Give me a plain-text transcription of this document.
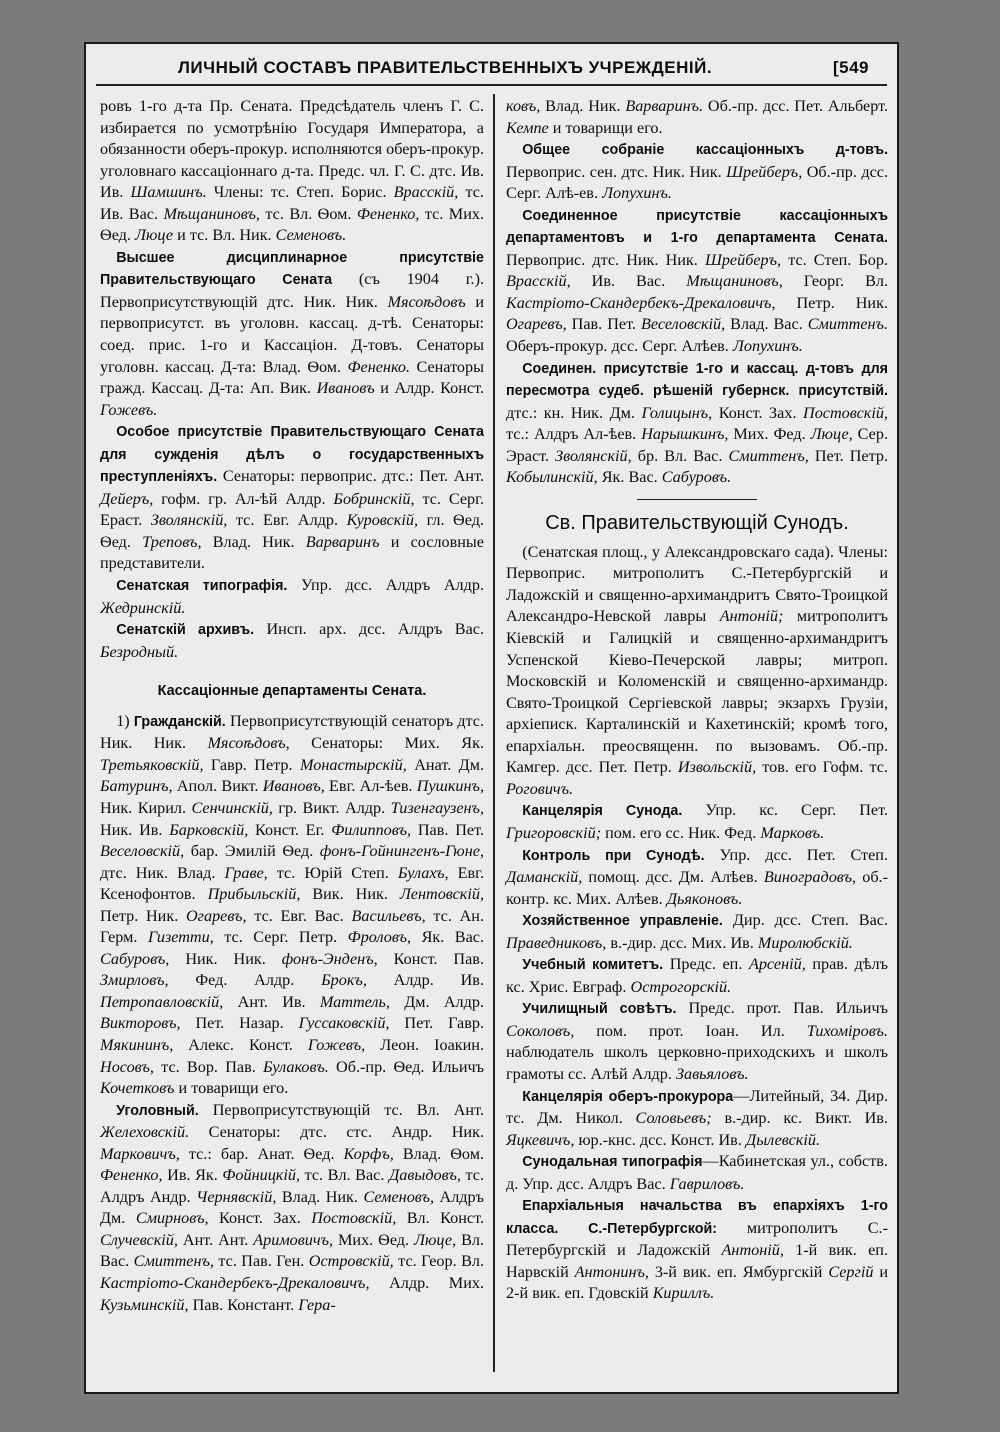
ЛИЧНЫЙ СОСТАВЪ ПРАВИТЕЛЬСТВЕННЫХЪ УЧРЕЖДЕНІЙ.	[549

ровъ 1-го д-та Пр. Сената. Предсѣдатель членъ Г. С. избирается по усмотрѣнію Государя Императора, а обязанности оберъ-прокур. исполняются оберъ-прокур. уголовнаго кассаціоннаго д-та. Предс. чл. Г. С. дтс. Ив. Ив. Шамшинъ. Члены: тс. Степ. Борис. Врасскій, тс. Ив. Вас. Мѣщаниновъ, тс. Вл. Ѳом. Фененко, тс. Мих. Ѳед. Люце и тс. Вл. Ник. Семеновъ.

Высшее дисциплинарное присутствіе Правительствующаго Сената (съ 1904 г.). Первоприсутствующій дтс. Ник. Ник. Мясоѣдовъ и первоприсутст. въ уголовн. кассац. д-тѣ. Сенаторы: соед. прис. 1-го и Кассаціон. Д-товъ. Сенаторы уголовн. кассац. Д-та: Влад. Ѳом. Фененко. Сенаторы гражд. Кассац. Д-та: Ап. Вик. Ивановъ и Алдр. Конст. Гожевъ.

Особое присутствіе Правительствующаго Сената для сужденія дѣлъ о государственныхъ преступленіяхъ. Сенаторы: первоприс. дтс.: Пет. Ант. Дейеръ, гофм. гр. Ал-ѣй Алдр. Бобринскій, тс. Серг. Ераст. Зволянскій, тс. Евг. Алдр. Куровскій, гл. Ѳед. Ѳед. Треповъ, Влад. Ник. Варваринъ и сословные представители.

Сенатская типографія. Упр. дсс. Алдръ Алдр. Жедринскій.

Сенатскій архивъ. Инсп. арх. дсс. Алдръ Вас. Безродный.

Кассаціонные департаменты Сената.

1) Гражданскій. Первоприсутствующій сенаторъ дтс. Ник. Ник. Мясоѣдовъ, Сенаторы: Мих. Як. Третьяковскій, Гавр. Петр. Монастырскій, Анат. Дм. Батуринъ, Апол. Викт. Ивановъ, Евг. Ал-ѣев. Пушкинъ, Ник. Кирил. Сенчинскій, гр. Викт. Алдр. Тизенгаузенъ, Ник. Ив. Барковскій, Конст. Ег. Филипповъ, Пав. Пет. Веселовскій, бар. Эмилій Ѳед. фонъ-Гойнингенъ-Гюне, дтс. Ник. Влад. Граве, тс. Юрій Степ. Булахъ, Евг. Ксенофонтов. Прибыльскій, Вик. Ник. Лентовскій, Петр. Ник. Огаревъ, тс. Евг. Вас. Васильевъ, тс. Ан. Герм. Гизетти, тс. Серг. Петр. Фроловъ, Як. Вас. Сабуровъ, Ник. Ник. фонъ-Энденъ, Конст. Пав. Змирловъ, Фед. Алдр. Брокъ, Алдр. Ив. Петропавловскій, Ант. Ив. Маттель, Дм. Алдр. Викторовъ, Пет. Назар. Гуссаковскій, Пет. Гавр. Мякининъ, Алекс. Конст. Гожевъ, Леон. Іоакин. Носовъ, тс. Вор. Пав. Булаковъ. Об.-пр. Ѳед. Ильичъ Кочетковъ и товарищи его.

Уголовный. Первоприсутствующій тс. Вл. Ант. Желеховскій. Сенаторы: дтс. стс. Андр. Ник. Марковичъ, тс.: бар. Анат. Ѳед. Корфъ, Влад. Ѳом. Фененко, Ив. Як. Фойницкій, тс. Вл. Вас. Давыдовъ, тс. Алдръ Андр. Чернявскій, Влад. Ник. Семеновъ, Алдръ Дм. Смирновъ, Конст. Зах. Постовскій, Вл. Конст. Случевскій, Ант. Ант. Аримовичъ, Мих. Ѳед. Люце, Вл. Вас. Смиттенъ, тс. Пав. Ген. Островскій, тс. Геор. Вл. Кастріото-Скандербекъ-Дрекаловичъ, Алдр. Мих. Кузьминскій, Пав. Констант. Гера-

ковъ, Влад. Ник. Варваринъ. Об.-пр. дсс. Пет. Альберт. Кемпе и товарищи его.

Общее собраніе кассаціонныхъ д-товъ. Первоприс. сен. дтс. Ник. Ник. Шрейберъ, Об.-пр. дсс. Серг. Алѣ-ев. Лопухинъ.

Соединенное присутствіе кассаціонныхъ департаментовъ и 1-го департамента Сената. Первоприс. дтс. Ник. Ник. Шрейберъ, тс. Степ. Бор. Врасскій, Ив. Вас. Мѣщаниновъ, Георг. Вл. Кастріото-Скандербекъ-Дрекаловичъ, Петр. Ник. Огаревъ, Пав. Пет. Веселовскій, Влад. Вас. Смиттенъ. Оберъ-прокур. дсс. Серг. Алѣев. Лопухинъ.

Соединен. присутствіе 1-го и кассац. д-товъ для пересмотра судеб. рѣшеній губернск. присутствій. дтс.: кн. Ник. Дм. Голицынъ, Конст. Зах. Постовскій, тс.: Алдръ Ал-ѣев. Нарышкинъ, Мих. Фед. Люце, Сер. Эраст. Зволянскій, бр. Вл. Вас. Смиттенъ, Пет. Петр. Кобылинскій, Як. Вас. Сабуровъ.

Св. Правительствующій Сунодъ.

(Сенатская площ., у Александровскаго сада). Члены: Первоприс. митрополитъ С.-Петербургскій и Ладожскій и священно-архимандритъ Свято-Троицкой Александро-Невской лавры Антоній; митрополитъ Кіевскій и Галицкій и священно-архимандритъ Успенской Кіево-Печерской лавры; митроп. Московскій и Коломенскій и священно-архимандр. Свято-Троицкой Сергіевской лавры; экзархъ Грузіи, архіеписк. Карталинскій и Кахетинскій; кромѣ того, епархіальн. преосвященн. по вызовамъ. Об.-пр. Камгер. дсс. Пет. Петр. Извольскій, тов. его Гофм. тс. Роговичъ.

Канцелярія Сунода. Упр. кс. Серг. Пет. Григоровскій; пом. его сс. Ник. Фед. Марковъ.

Контроль при Сунодѣ. Упр. дсс. Пет. Степ. Даманскій, помощ. дсс. Дм. Алѣев. Виноградовъ, об.-контр. кс. Мих. Алѣев. Дьяконовъ.

Хозяйственное управленіе. Дир. дсс. Степ. Вас. Праведниковъ, в.-дир. дсс. Мих. Ив. Миролюбскій.

Учебный комитетъ. Предс. еп. Арсеній, прав. дѣлъ кс. Хрис. Евграф. Острогорскій.

Училищный совѣтъ. Предс. прот. Пав. Ильичъ Соколовъ, пом. прот. Іоан. Ил. Тихоміровъ. наблюдатель школъ церковно-приходскихъ и школъ грамоты сс. Алѣй Алдр. Завьяловъ.

Канцелярія оберъ-прокурора—Литейный, 34. Дир. тс. Дм. Никол. Соловьевъ; в.-дир. кс. Викт. Ив. Яцкевичъ, юр.-кнс. дсс. Конст. Ив. Дылевскій.

Сунодальная типографія—Кабинетская ул., собств. д. Упр. дсс. Алдръ Вас. Гавриловъ.

Епархіальныя начальства въ епархіяхъ 1-го класса. С.-Петербургской: митрополитъ С.-Петербургскій и Ладожскій Антоній, 1-й вик. еп. Нарвскій Антонинъ, 3-й вик. еп. Ямбургскій Сергій и 2-й вик. еп. Гдовскій Кириллъ.
